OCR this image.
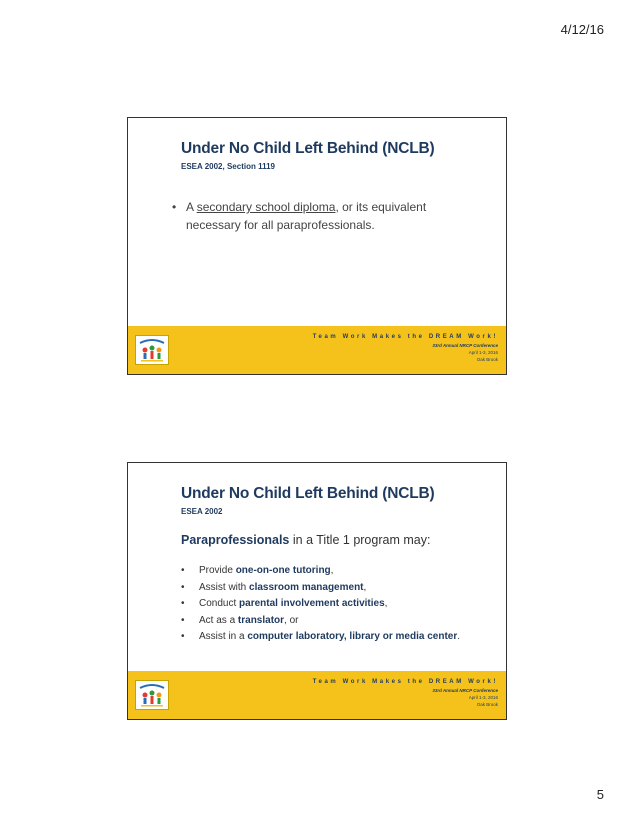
4/12/16
Under No Child Left Behind (NCLB)
ESEA 2002, Section 1119
• A secondary school diploma, or its equivalent necessary for all paraprofessionals.
Team Work Makes the DREAM Work!
33rd Annual NRCP Conference
April 1-3, 2016
Oak Brook
Under No Child Left Behind (NCLB)
ESEA 2002
Paraprofessionals in a Title 1 program may:
• Provide one-on-one tutoring,
• Assist with classroom management,
• Conduct parental involvement activities,
• Act as a translator, or
• Assist in a computer laboratory, library or media center.
Team Work Makes the DREAM Work!
33rd Annual NRCP Conference
April 1-3, 2016
Oak Brook
5
